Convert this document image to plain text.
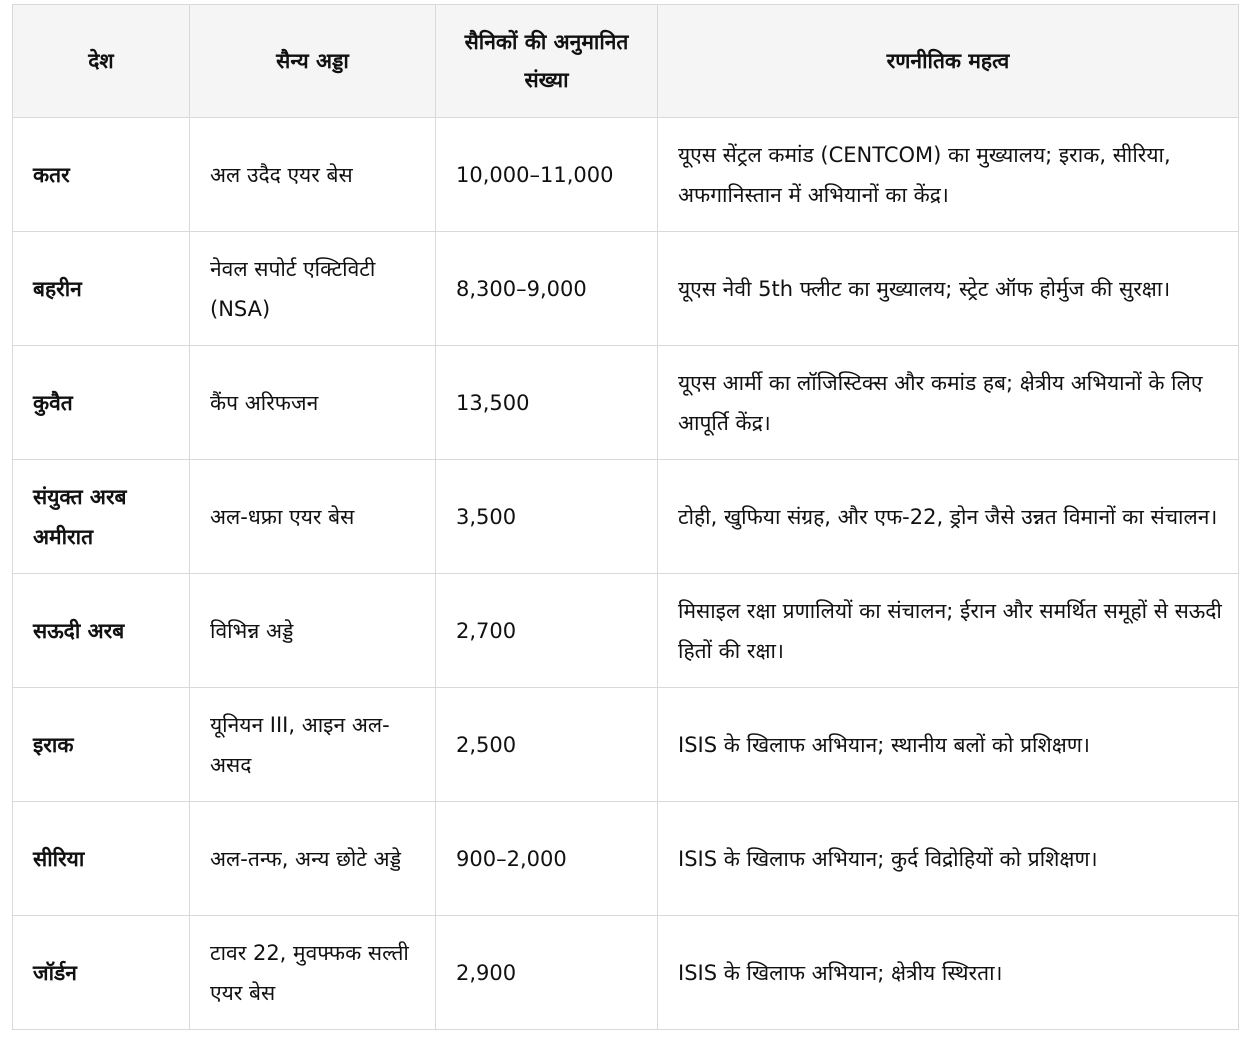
देश	सैन्य अड्डा	सैनिकों की अनुमानित संख्या	रणनीतिक महत्व
कतर	अल उदैद एयर बेस	10,000–11,000	यूएस सेंट्रल कमांड (CENTCOM) का मुख्यालय; इराक, सीरिया, अफगानिस्तान में अभियानों का केंद्र।
बहरीन	नेवल सपोर्ट एक्टिविटी (NSA)	8,300–9,000	यूएस नेवी 5th फ्लीट का मुख्यालय; स्ट्रेट ऑफ होर्मुज की सुरक्षा।
कुवैत	कैंप अरिफजन	13,500	यूएस आर्मी का लॉजिस्टिक्स और कमांड हब; क्षेत्रीय अभियानों के लिए आपूर्ति केंद्र।
संयुक्त अरब अमीरात	अल-धफ्रा एयर बेस	3,500	टोही, खुफिया संग्रह, और एफ-22, ड्रोन जैसे उन्नत विमानों का संचालन।
सऊदी अरब	विभिन्न अड्डे	2,700	मिसाइल रक्षा प्रणालियों का संचालन; ईरान और समर्थित समूहों से सऊदी हितों की रक्षा।
इराक	यूनियन III, आइन अल-असद	2,500	ISIS के खिलाफ अभियान; स्थानीय बलों को प्रशिक्षण।
सीरिया	अल-तन्फ, अन्य छोटे अड्डे	900–2,000	ISIS के खिलाफ अभियान; कुर्द विद्रोहियों को प्रशिक्षण।
जॉर्डन	टावर 22, मुवफ्फक सल्ती एयर बेस	2,900	ISIS के खिलाफ अभियान; क्षेत्रीय स्थिरता।
